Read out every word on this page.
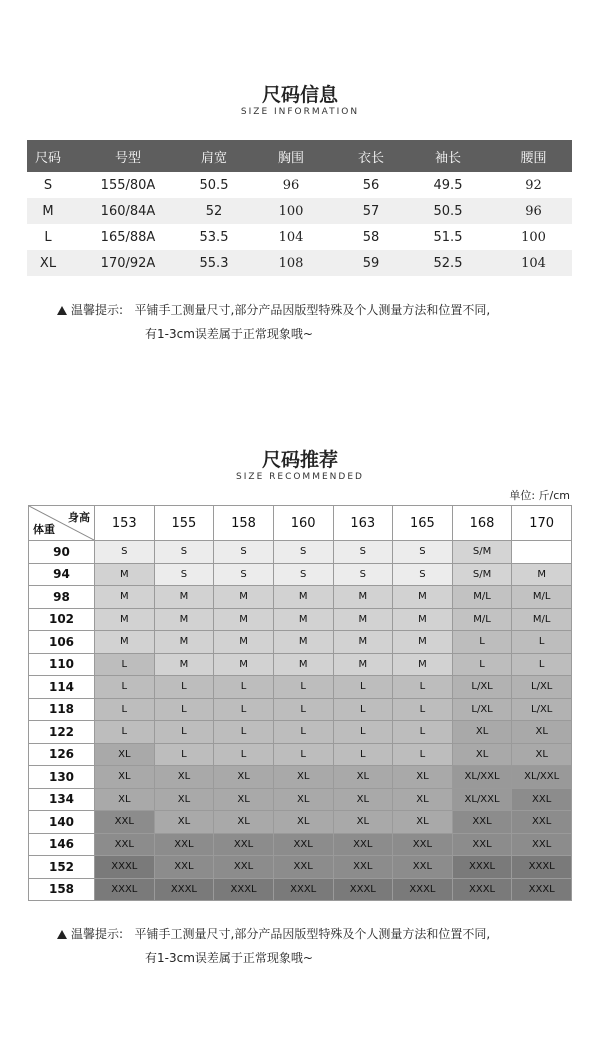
尺码信息
SIZE INFORMATION
尺码	号型	肩宽	胸围	衣长	袖长	腰围
S	155/80A	50.5	96	56	49.5	92
M	160/84A	52	100	57	50.5	96
L	165/88A	53.5	104	58	51.5	100
XL	170/92A	55.3	108	59	52.5	104
温馨提示: 平铺手工测量尺寸,部分产品因版型特殊及个人测量方法和位置不同,
有1-3cm误差属于正常现象哦~
尺码推荐
SIZE RECOMMENDED
单位: 斤/cm
身高
体重	153	155	158	160	163	165	168	170
90	S	S	S	S	S	S	S/M	
94	M	S	S	S	S	S	S/M	M
98	M	M	M	M	M	M	M/L	M/L
102	M	M	M	M	M	M	M/L	M/L
106	M	M	M	M	M	M	L	L
110	L	M	M	M	M	M	L	L
114	L	L	L	L	L	L	L/XL	L/XL
118	L	L	L	L	L	L	L/XL	L/XL
122	L	L	L	L	L	L	XL	XL
126	XL	L	L	L	L	L	XL	XL
130	XL	XL	XL	XL	XL	XL	XL/XXL	XL/XXL
134	XL	XL	XL	XL	XL	XL	XL/XXL	XXL
140	XXL	XL	XL	XL	XL	XL	XXL	XXL
146	XXL	XXL	XXL	XXL	XXL	XXL	XXL	XXL
152	XXXL	XXL	XXL	XXL	XXL	XXL	XXXL	XXXL
158	XXXL	XXXL	XXXL	XXXL	XXXL	XXXL	XXXL	XXXL
温馨提示: 平铺手工测量尺寸,部分产品因版型特殊及个人测量方法和位置不同,
有1-3cm误差属于正常现象哦~
